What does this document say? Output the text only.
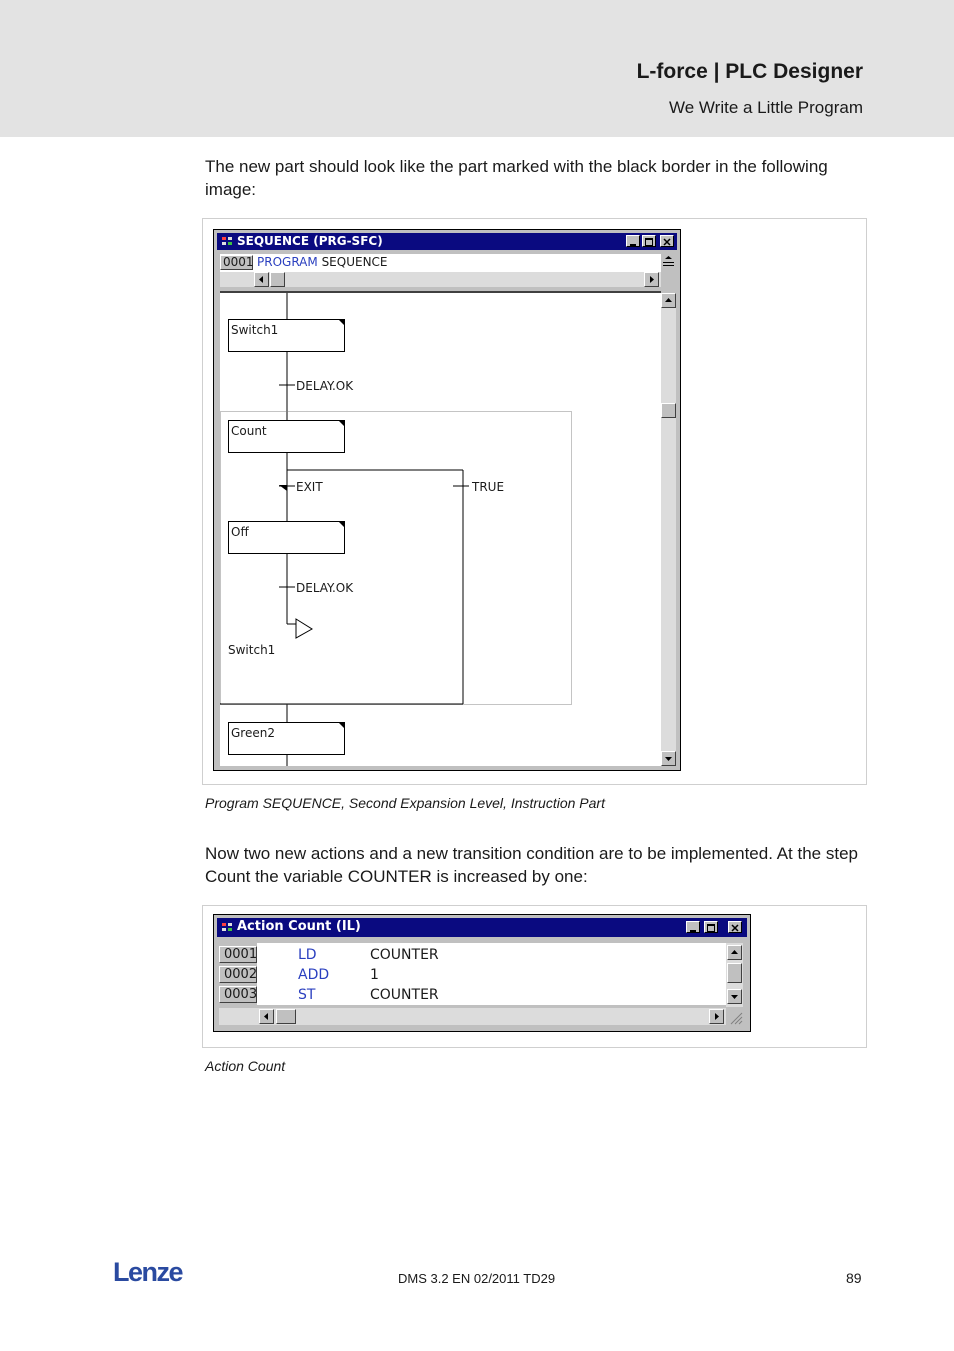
L-force | PLC Designer
We Write a Little Program
The new part should look like the part marked with the black border in the following image:
SEQUENCE (PRG-SFC)
0001 PROGRAM SEQUENCE
Switch1
DELAY.OK
Count
EXIT	TRUE
Off
DELAY.OK
Switch1
Green2
Program SEQUENCE, Second Expansion Level, Instruction Part
Now two new actions and a new transition condition are to be implemented. At the step Count the variable COUNTER is increased by one:
Action Count (IL)
0001	LD	COUNTER
0002	ADD	1
0003	ST	COUNTER
Action Count
Lenze	DMS 3.2 EN 02/2011 TD29	89
